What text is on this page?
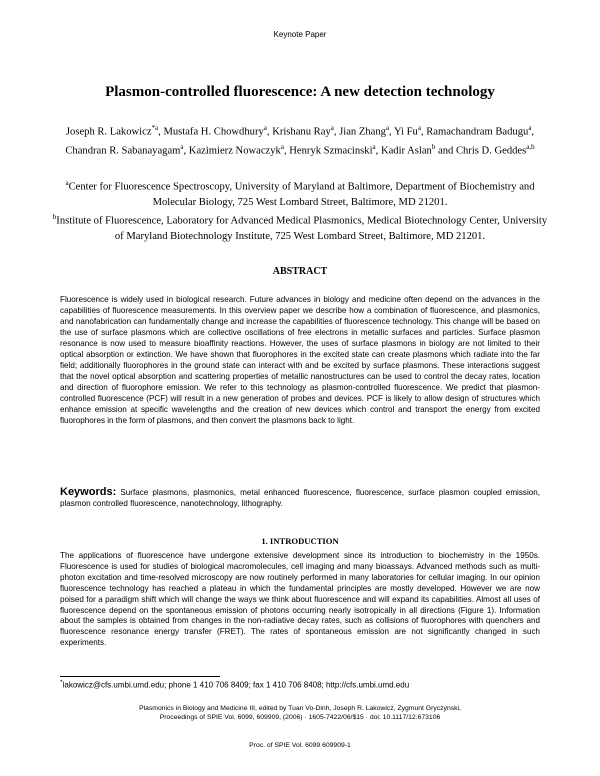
Keynote Paper
Plasmon-controlled fluorescence: A new detection technology
Joseph R. Lakowicz$^{*a}$, Mustafa H. Chowdhury$^a$, Krishanu Ray$^a$, Jian Zhang$^a$, Yi Fu$^a$, Ramachandram Badugu$^a$, Chandran R. Sabanayagam$^a$, Kazimierz Nowaczyk$^a$, Henryk Szmacinski$^a$, Kadir Aslan$^b$ and Chris D. Geddes$^{a,b}$

$^a$Center for Fluorescence Spectroscopy, University of Maryland at Baltimore, Department of Biochemistry and Molecular Biology, 725 West Lombard Street, Baltimore, MD 21201.

$^b$Institute of Fluorescence, Laboratory for Advanced Medical Plasmonics, Medical Biotechnology Center, University of Maryland Biotechnology Institute, 725 West Lombard Street, Baltimore, MD 21201.

ABSTRACT
Fluorescence is widely used in biological research. Future advances in biology and medicine often depend on the advances in the capabilities of fluorescence measurements. In this overview paper we describe how a combination of fluorescence, and plasmonics, and nanofabrication can fundamentally change and increase the capabilities of fluorescence technology. This change will be based on the use of surface plasmons which are collective oscillations of free electrons in metallic surfaces and particles. Surface plasmon resonance is now used to measure bioaffinity reactions. However, the uses of surface plasmons in biology are not limited to their optical absorption or extinction. We have shown that fluorophores in the excited state can create plasmons which radiate into the far field; additionally fluorophores in the ground state can interact with and be excited by surface plasmons. These interactions suggest that the novel optical absorption and scattering properties of metallic nanostructures can be used to control the decay rates, location and direction of fluorophore emission. We refer to this technology as plasmon-controlled fluorescence. We predict that plasmon-controlled fluorescence (PCF) will result in a new generation of probes and devices. PCF is likely to allow design of structures which enhance emission at specific wavelengths and the creation of new devices which control and transport the energy from excited fluorophores in the form of plasmons, and then convert the plasmons back to light.
Keywords: Surface plasmons, plasmonics, metal enhanced fluorescence, fluorescence, surface plasmon coupled emission, plasmon controlled fluorescence, nanotechnology, lithography.
1. INTRODUCTION
The applications of fluorescence have undergone extensive development since its introduction to biochemistry in the 1950s. Fluorescence is used for studies of biological macromolecules, cell imaging and many bioassays. Advanced methods such as multi-photon excitation and time-resolved microscopy are now routinely performed in many laboratories for cellular imaging. In our opinion fluorescence technology has reached a plateau in which the fundamental principles are mostly developed. However we are now poised for a paradigm shift which will change the ways we think about fluorescence and will expand its capabilities. Almost all uses of fluorescence depend on the spontaneous emission of photons occurring nearly isotropically in all directions (Figure 1). Information about the samples is obtained from changes in the non-radiative decay rates, such as collisions of fluorophores with quenchers and fluorescence resonance energy transfer (FRET). The rates of spontaneous emission are not significantly changed in such experiments.
*lakowicz@cfs.umbi.umd.edu; phone 1 410 706 8409; fax 1 410 706 8408; http://cfs.umbi.umd.edu
Plasmonics in Biology and Medicine III, edited by Tuan Vo-Dinh, Joseph R. Lakowicz, Zygmunt Gryczynski,
Proceedings of SPIE Vol. 6099, 609909, (2006) · 1605-7422/06/$15 · doi: 10.1117/12.673106
Proc. of SPIE Vol. 6099 609909-1
